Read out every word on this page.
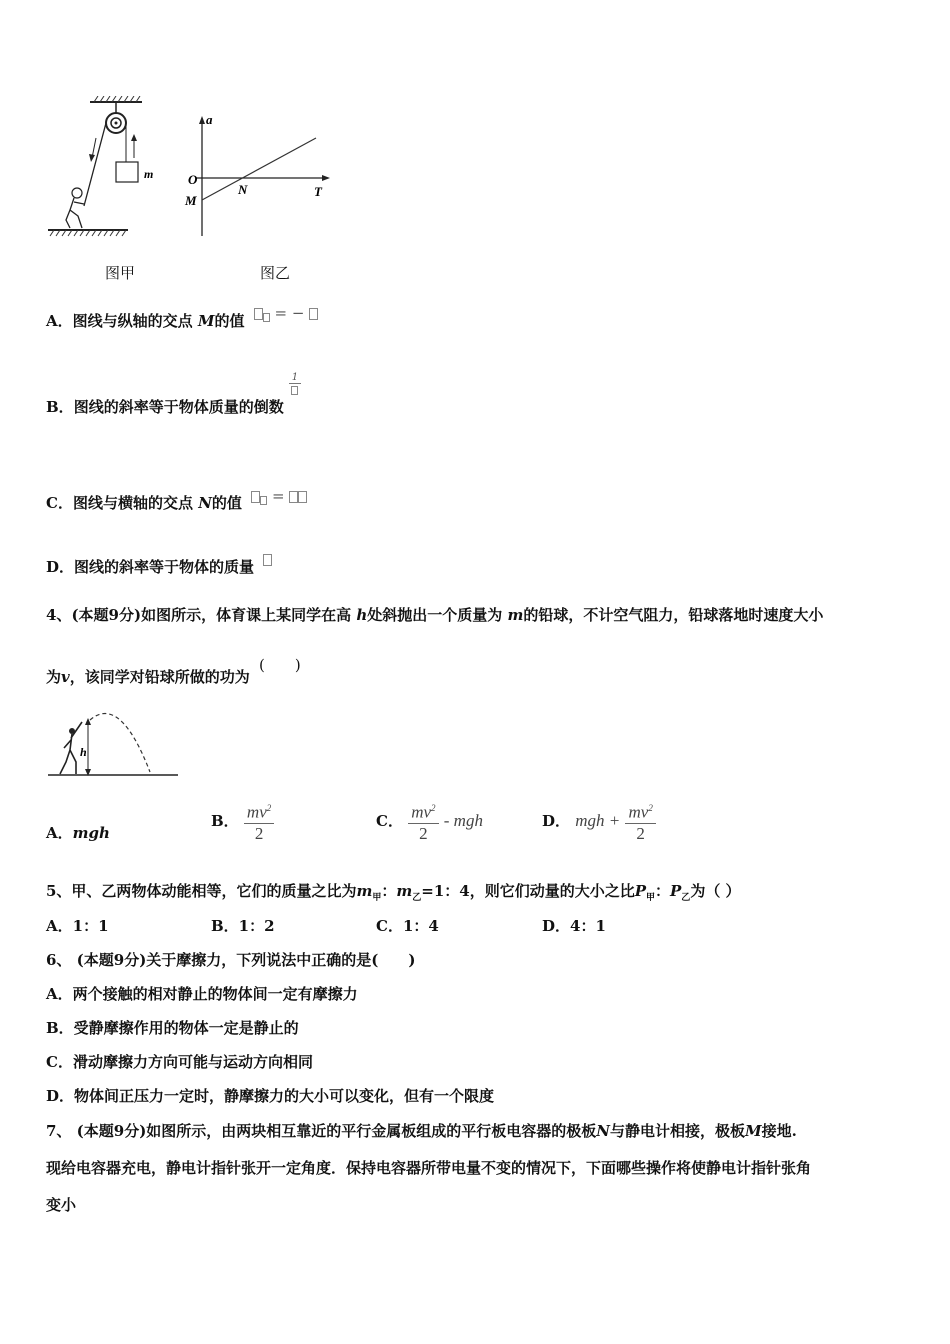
m
a
T
O
M
N
图甲	图乙
A．图线与纵轴的交点 M的值  = −
B．图线的斜率等于物体质量的倒数
1
C．图线与横轴的交点 N的值  =
D．图线的斜率等于物体的质量
4、(本题9分)如图所示，体育课上某同学在高 h处斜抛出一个质量为 m的铅球，不计空气阻力，铅球落地时速度大小
为v，该同学对铅球所做的功为 (　　)
h
A．mgh
B． $\frac{mv^2}{2}$	C． $\frac{mv^2}{2}$ - mgh	D． mgh + $\frac{mv^2}{2}$
5、甲、乙两物体动能相等，它们的质量之比为$m_甲$：$m_乙=1$：4，则它们动量的大小之比$P_甲$：$P_乙$为（ ）
A．1：1	B．1：2	C．1：4	D．4：1
6、 (本题9分)关于摩擦力，下列说法中正确的是(　　)
A．两个接触的相对静止的物体间一定有摩擦力
B．受静摩擦作用的物体一定是静止的
C．滑动摩擦力方向可能与运动方向相同
D．物体间正压力一定时，静摩擦力的大小可以变化，但有一个限度
7、 (本题9分)如图所示，由两块相互靠近的平行金属板组成的平行板电容器的极板N与静电计相接，极板M接地.
现给电容器充电，静电计指针张开一定角度．保持电容器所带电量不变的情况下，下面哪些操作将使静电计指针张角
变小
